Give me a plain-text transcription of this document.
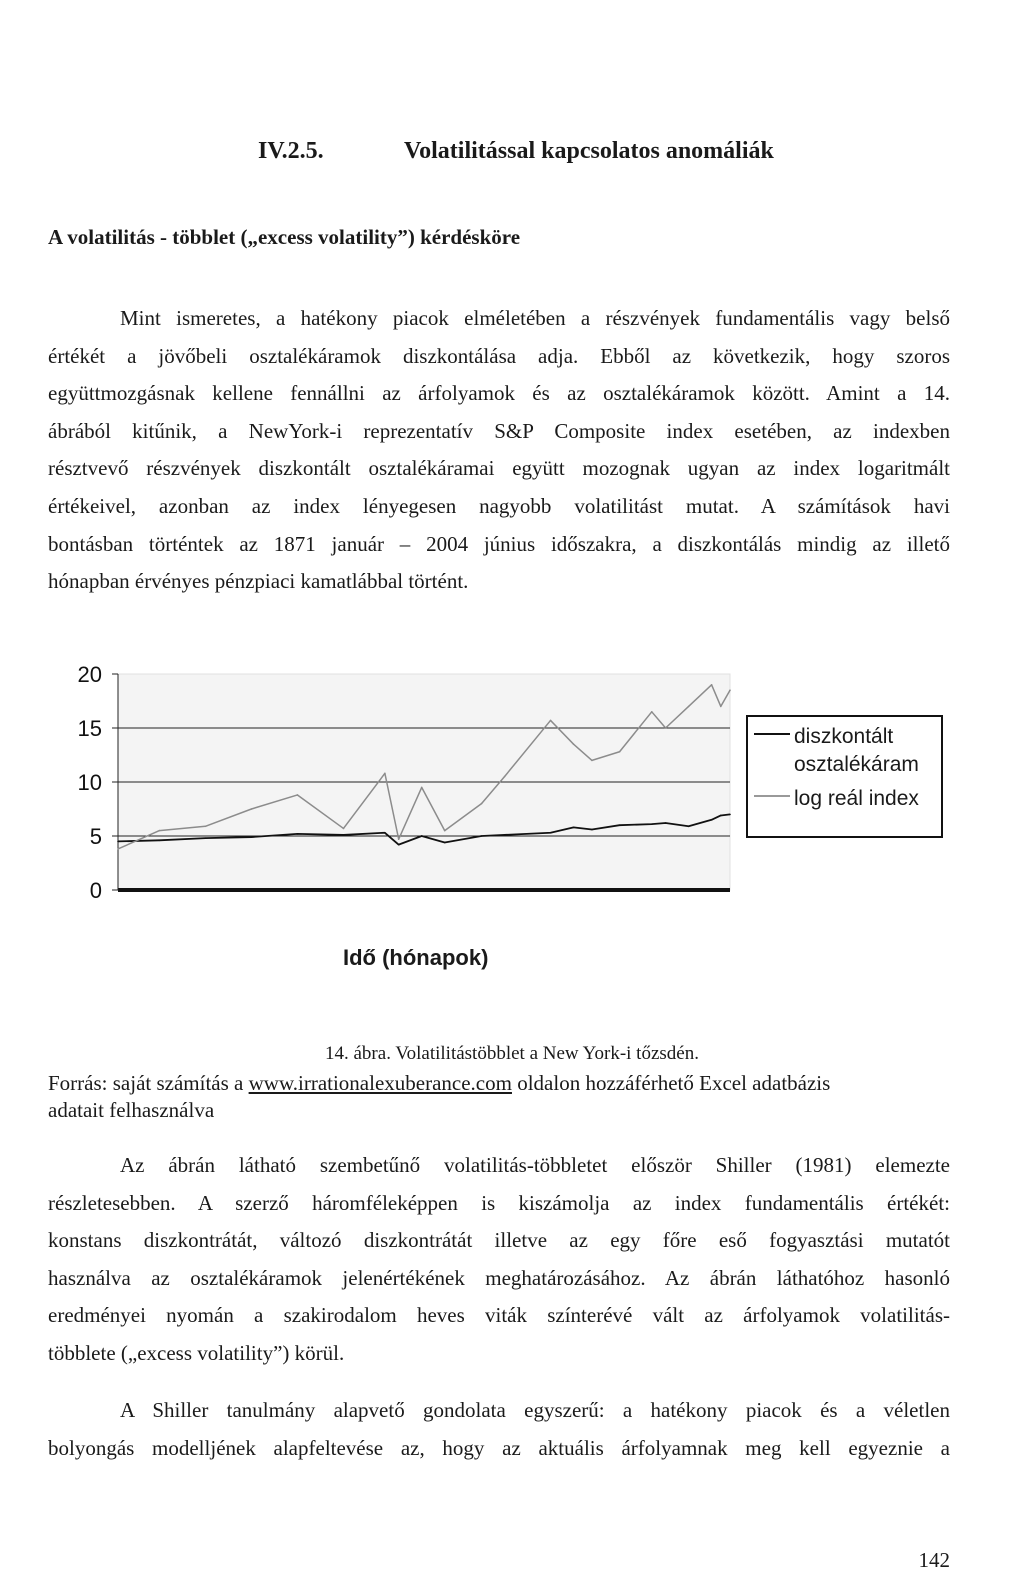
IV.2.5.	Volatilitással kapcsolatos anomáliák
A volatilitás - többlet („excess volatility”) kérdésköre
Mint ismeretes, a hatékony piacok elméletében a részvények fundamentális vagy belső
értékét a jövőbeli osztalékáramok diszkontálása adja. Ebből az következik, hogy szoros
együttmozgásnak kellene fennállni az árfolyamok és az osztalékáramok között. Amint a 14.
ábrából kitűnik, a NewYork-i reprezentatív S&P Composite index esetében, az indexben
résztvevő részvények diszkontált osztalékáramai együtt mozognak ugyan az index logaritmált
értékeivel, azonban az index lényegesen nagyobb volatilitást mutat. A számítások havi
bontásban történtek az 1871 január – 2004 június időszakra, a diszkontálás mindig az illető
hónapban érvényes pénzpiaci kamatlábbal történt.
0
5
10
15
20
Idő (hónapok)
diszkontált osztalékáram
log reál index
14. ábra. Volatilitástöbblet a New York-i tőzsdén.
Forrás: saját számítás a www.irrationalexuberance.com oldalon hozzáférhető Excel adatbázis
adatait felhasználva
Az ábrán látható szembetűnő volatilitás-többletet először Shiller (1981) elemezte
részletesebben. A szerző háromféleképpen is kiszámolja az index fundamentális értékét:
konstans diszkontrátát, változó diszkontrátát illetve az egy főre eső fogyasztási mutatót
használva az osztalékáramok jelenértékének meghatározásához. Az ábrán láthatóhoz hasonló
eredményei nyomán a szakirodalom heves viták színterévé vált az árfolyamok volatilitás-
többlete („excess volatility”) körül.
A Shiller tanulmány alapvető gondolata egyszerű: a hatékony piacok és a véletlen
bolyongás modelljének alapfeltevése az, hogy az aktuális árfolyamnak meg kell egyeznie a
142
